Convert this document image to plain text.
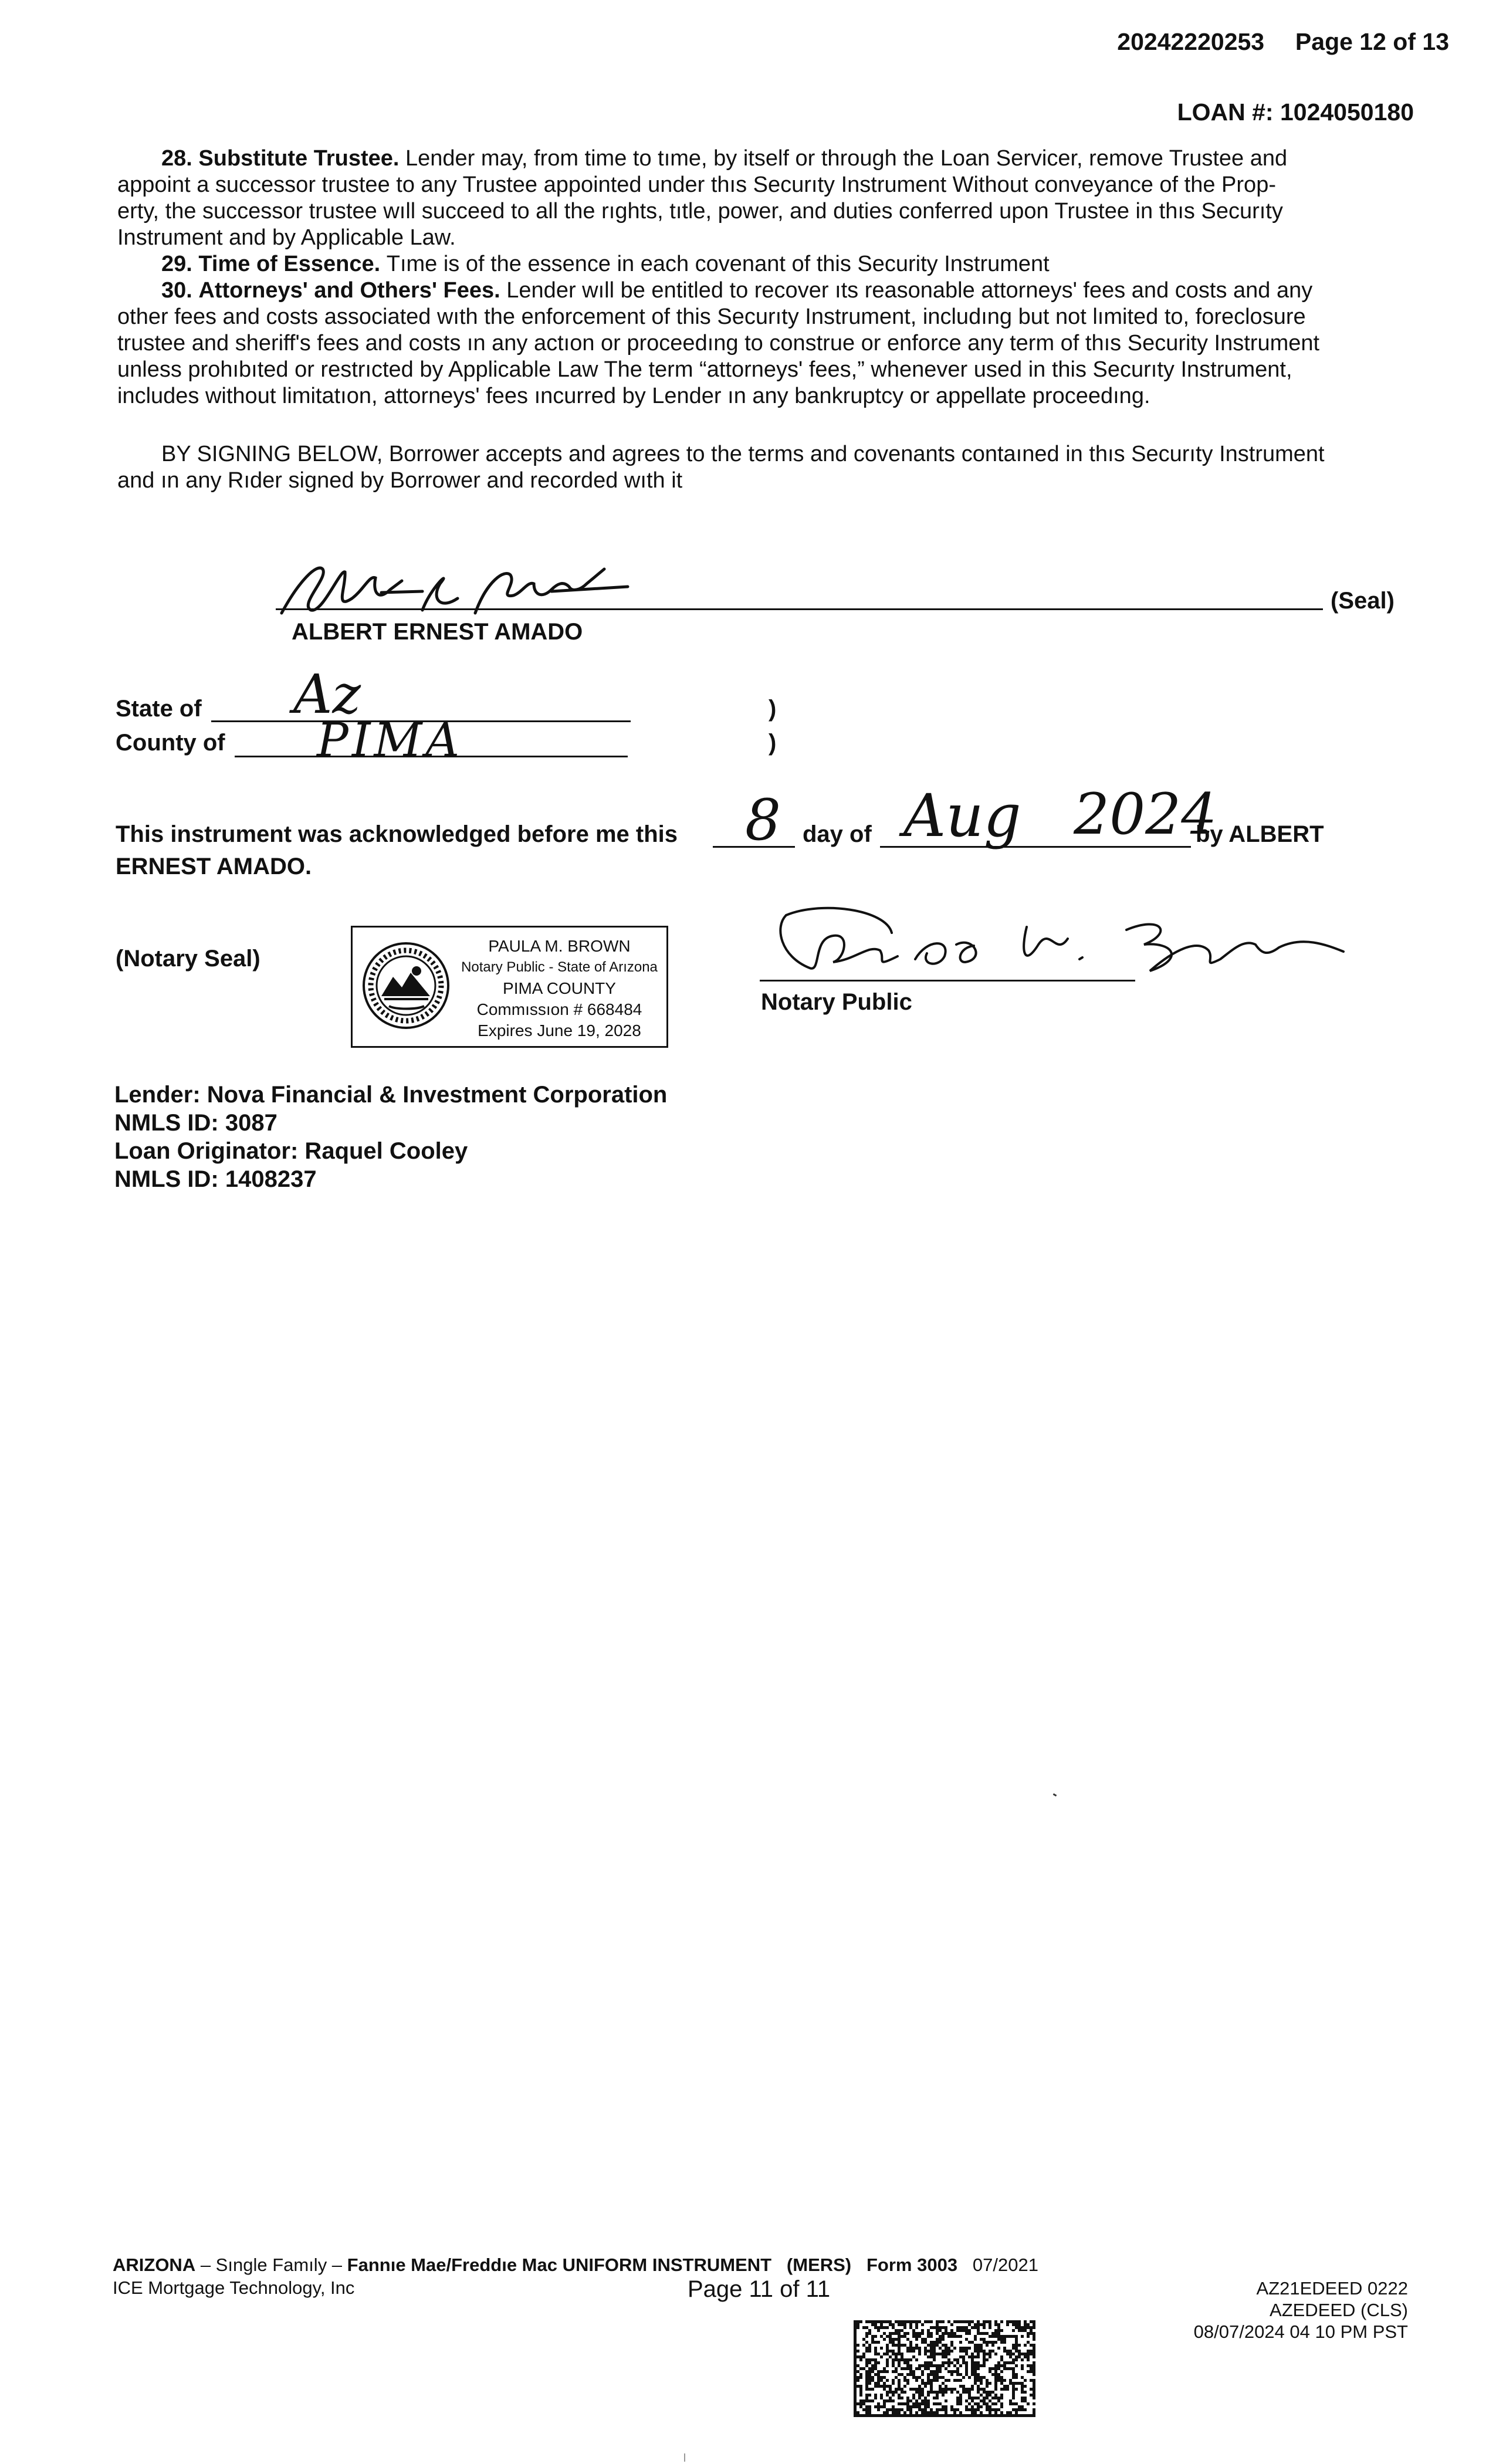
20242220253 Page 12 of 13
LOAN #: 1024050180
28. Substitute Trustee. Lender may, from time to tıme, by itself or through the Loan Servicer, remove Trustee and
appoint a successor trustee to any Trustee appointed under thıs Securıty Instrument Without conveyance of the Prop-
erty, the successor trustee wıll succeed to all the rıghts, tıtle, power, and duties conferred upon Trustee in thıs Securıty
Instrument and by Applicable Law.
29. Time of Essence. Tıme is of the essence in each covenant of this Security Instrument
30. Attorneys' and Others' Fees. Lender wıll be entitled to recover ıts reasonable attorneys' fees and costs and any
other fees and costs associated wıth the enforcement of this Securıty Instrument, includıng but not lımited to, foreclosure
trustee and sheriff's fees and costs ın any actıon or proceedıng to construe or enforce any term of thıs Security Instrument
unless prohıbıted or restrıcted by Applicable Law The term “attorneys' fees,” whenever used in this Securıty Instrument,
includes without limitatıon, attorneys' fees ıncurred by Lender ın any bankruptcy or appellate proceedıng.
BY SIGNING BELOW, Borrower accepts and agrees to the terms and covenants contaıned in thıs Securıty Instrument
and ın any Rıder signed by Borrower and recorded wıth it
(Seal)
ALBERT ERNEST AMADO
State of Az
County of PIMA
)
)
This instrument was acknowledged before me this 8 day of Aug 2024
by ALBERT
ERNEST AMADO.
(Notary Seal)	PAULA M. BROWN
Notary Public - State of Arızona
PIMA COUNTY
Commıssıon # 668484
Expires June 19, 2028
Notary Public
Lender: Nova Financial & Investment Corporation
NMLS ID: 3087
Loan Originator: Raquel Cooley
NMLS ID: 1408237
ARIZONA – Sıngle Famıly – Fannıe Mae/Freddıe Mac UNIFORM INSTRUMENT (MERS) Form 3003 07/2021
ICE Mortgage Technology, Inc	Page 11 of 11	AZ21EDEED 0222
AZEDEED (CLS)
08/07/2024 04 10 PM PST
